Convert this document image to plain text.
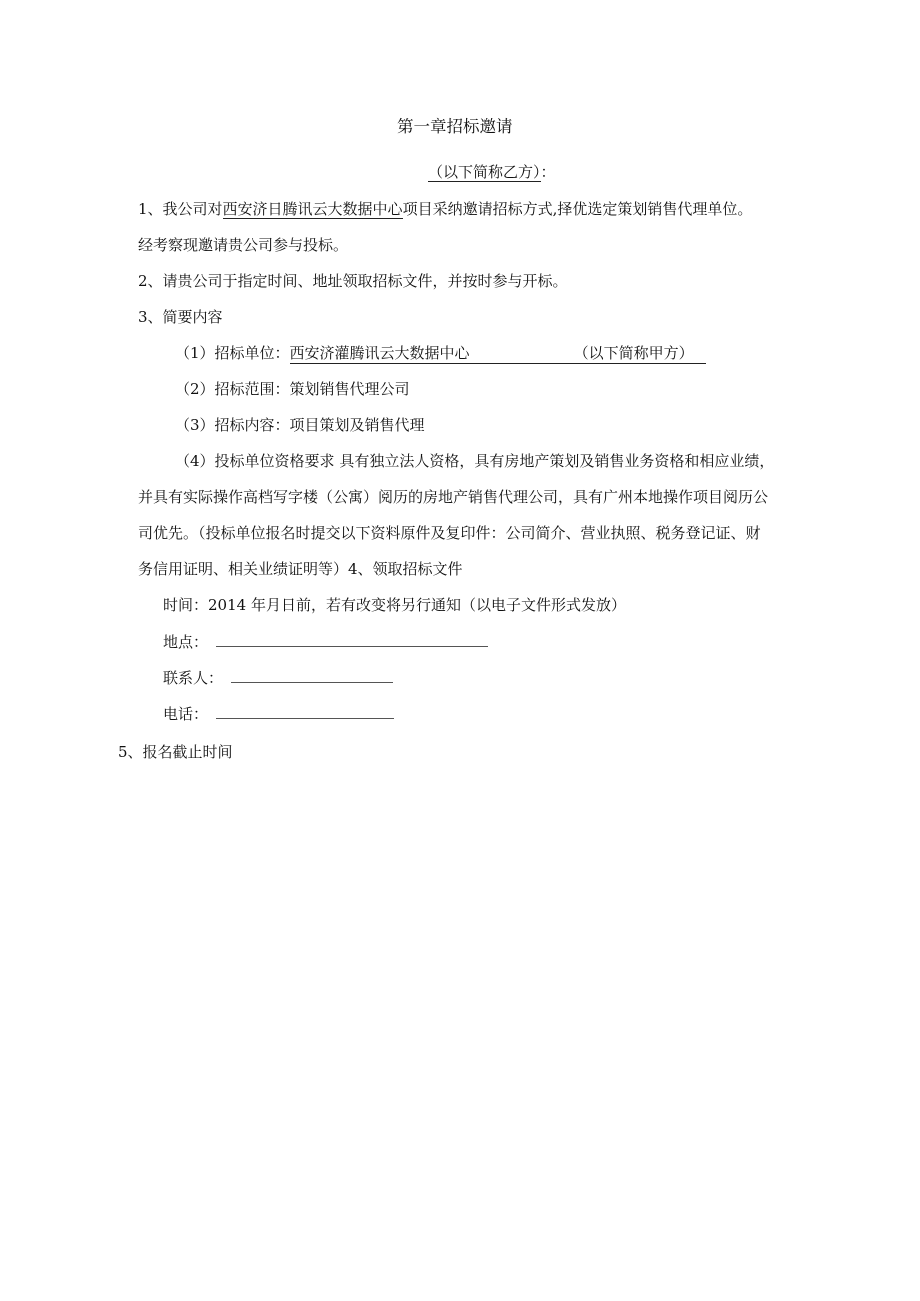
第一章招标邀请
（以下简称乙方）：
1、我公司对西安济日腾讯云大数据中心项目采纳邀请招标方式,择优选定策划销售代理单位。
经考察现邀请贵公司参与投标。
2、请贵公司于指定时间、地址领取招标文件，并按时参与开标。
3、简要内容
（1）招标单位：西安济灌腾讯云大数据中心	（以下简称甲方）
（2）招标范围：策划销售代理公司
（3）招标内容：项目策划及销售代理
（4）投标单位资格要求 具有独立法人资格，具有房地产策划及销售业务资格和相应业绩，
并具有实际操作高档写字楼（公寓）阅历的房地产销售代理公司，具有广州本地操作项目阅历公
司优先。（投标单位报名时提交以下资料原件及复印件：公司简介、营业执照、税务登记证、财
务信用证明、相关业绩证明等）4、领取招标文件
时间：2014 年月日前，若有改变将另行通知（以电子文件形式发放）
地点：
联系人：
电话：
5、报名截止时间
